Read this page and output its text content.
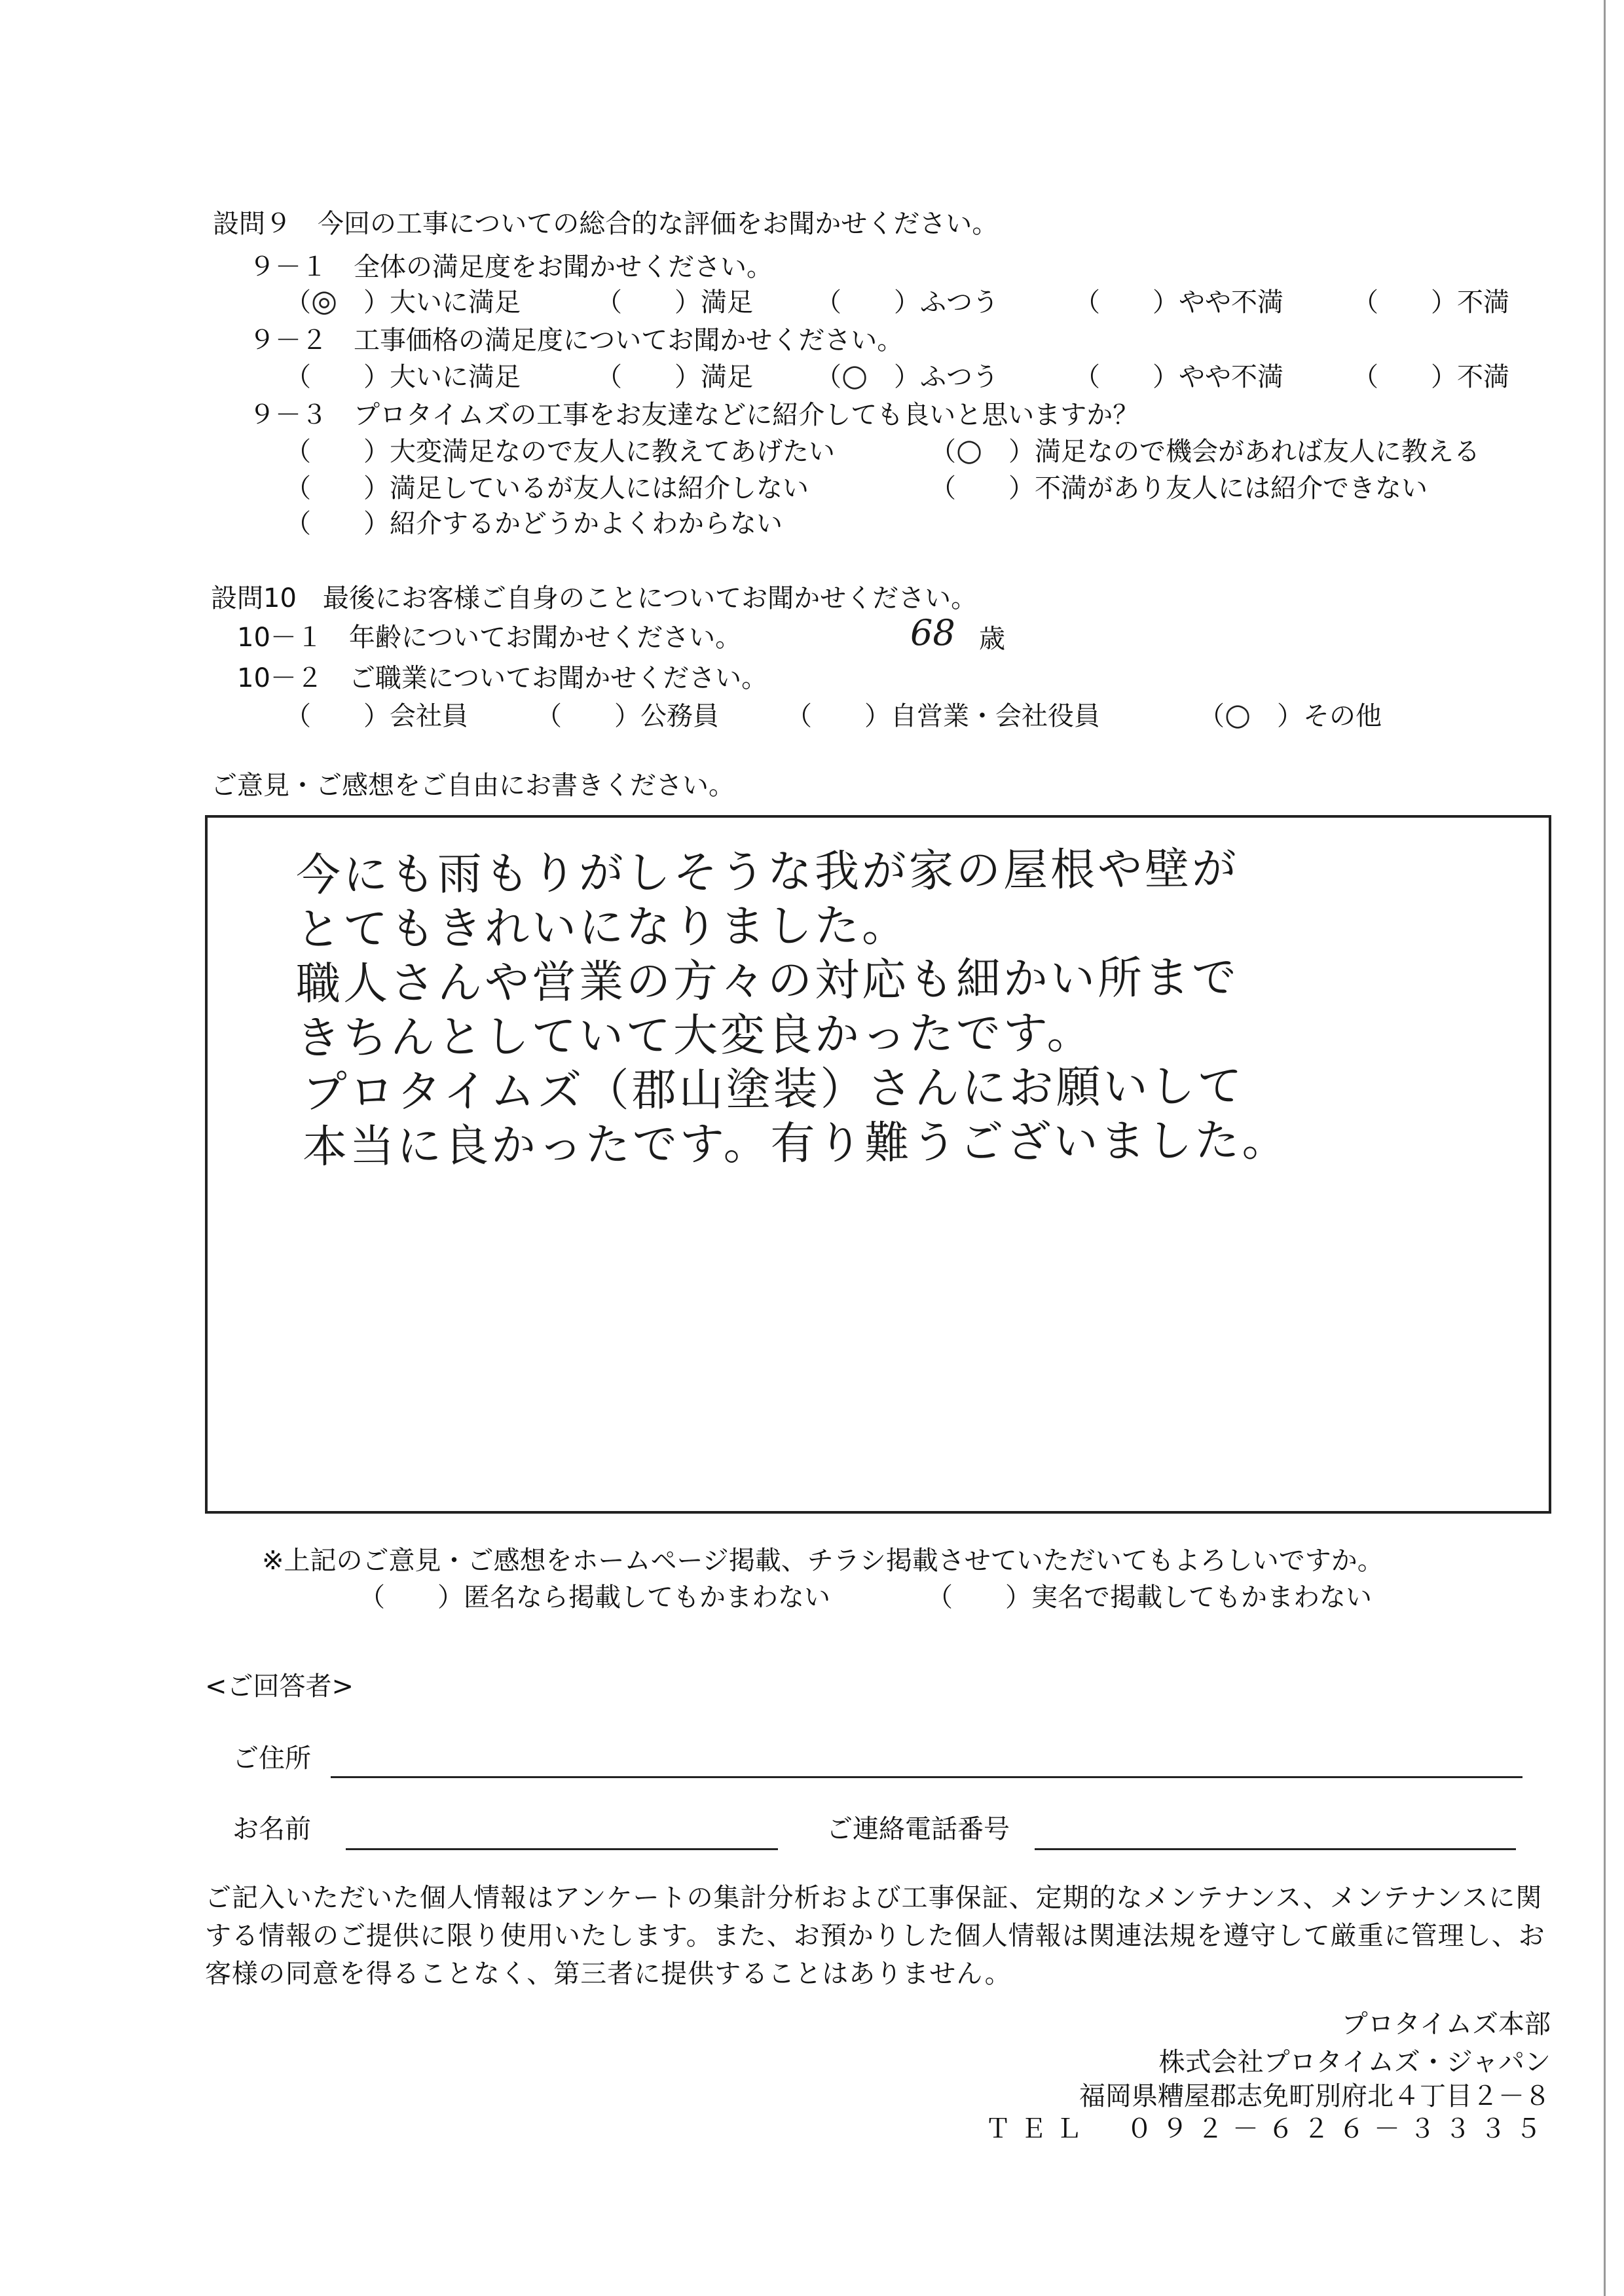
設問９　今回の工事についての総合的な評価をお聞かせください。
９－１　全体の満足度をお聞かせください。
（ ◎ ）大いに満足	（ ）満足 （ ）ふつう	（ ）やや不満	（ ）不満
９－２　工事価格の満足度についてお聞かせください。
（ ）大いに満足	（ ）満足 （ ○ ）ふつう	（ ）やや不満	（ ）不満
９－３　プロタイムズの工事をお友達などに紹介しても良いと思いますか？
（ ）大変満足なので友人に教えてあげたい	（ ○ ）満足なので機会があれば友人に教える
（ ）満足しているが友人には紹介しない	（ ）不満があり友人には紹介できない
（ ）紹介するかどうかよくわからない
設問10　最後にお客様ご自身のことについてお聞かせください。
10－１　年齢についてお聞かせください。	68 歳
10－２　ご職業についてお聞かせください。
（ ）会社員	（ ）公務員	（ ）自営業・会社役員	（ ○ ）その他
ご意見・ご感想をご自由にお書きください。
今にも雨もりがしそうな我が家の屋根や壁が
とてもきれいになりました。
職人さんや営業の方々の対応も細かい所まで
きちんとしていて大変良かったです。
プロタイムズ（郡山塗装）さんにお願いして
本当に良かったです。有り難うございました。
※上記のご意見・ご感想をホームページ掲載、チラシ掲載させていただいてもよろしいですか。
（ ）匿名なら掲載してもかまわない	（ ）実名で掲載してもかまわない
<ご回答者>
ご住所
お名前	ご連絡電話番号
ご記入いただいた個人情報はアンケートの集計分析および工事保証、定期的なメンテナンス、メンテナンスに関する情報のご提供に限り使用いたします。また、お預かりした個人情報は関連法規を遵守して厳重に管理し、お客様の同意を得ることなく、第三者に提供することはありません。
プロタイムズ本部
株式会社プロタイムズ・ジャパン
福岡県糟屋郡志免町別府北４丁目２－８
ＴＥＬ　０９２－６２６－３３３５
